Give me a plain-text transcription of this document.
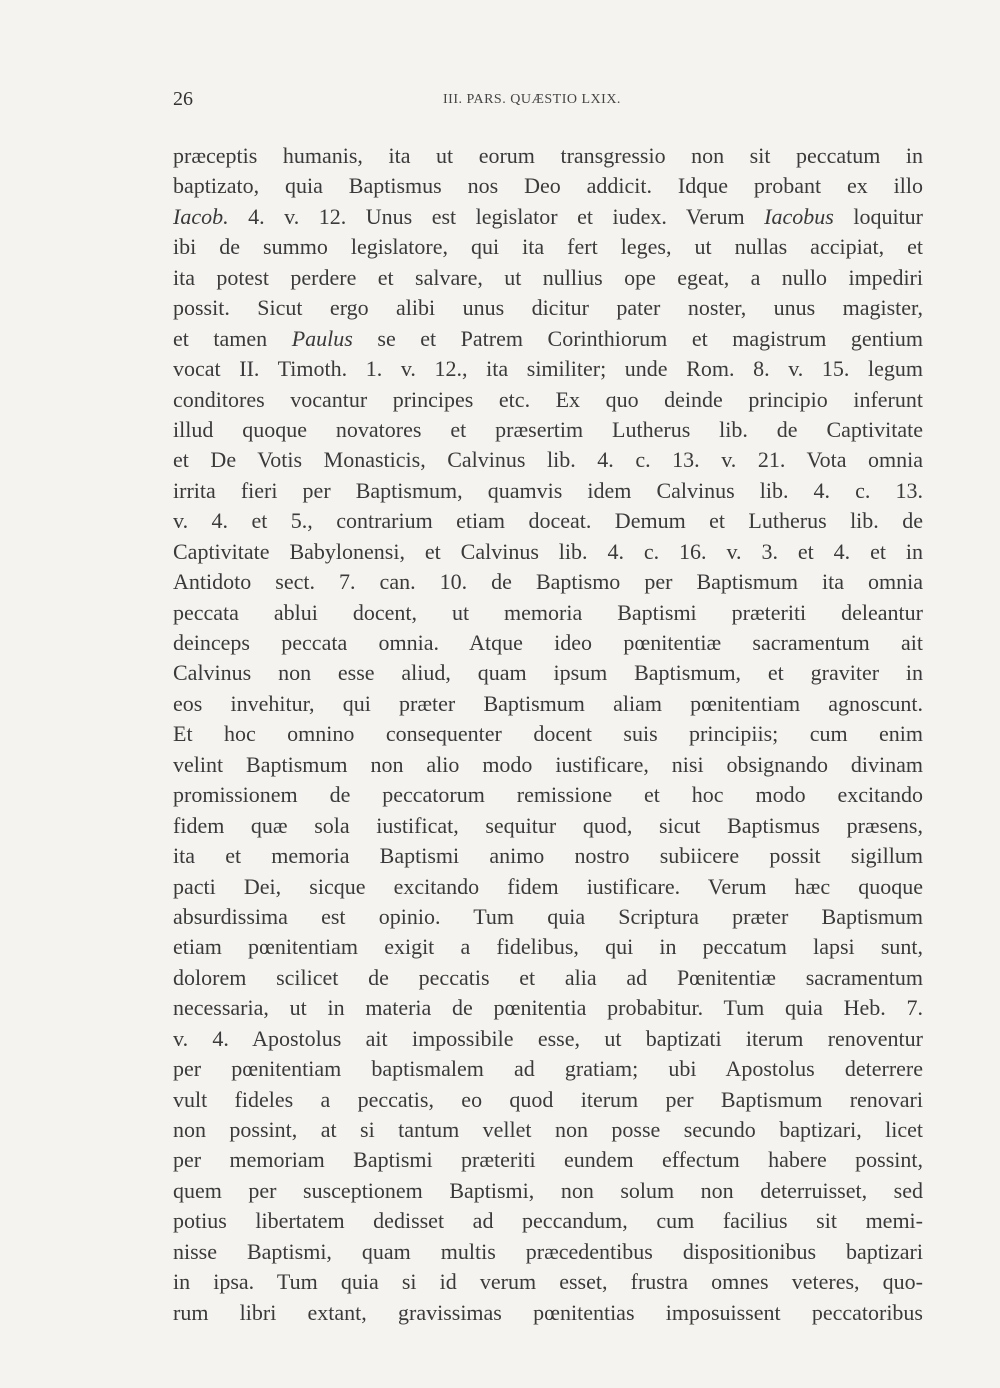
26	III. PARS. QUÆSTIO LXIX.
præceptis humanis, ita ut eorum transgressio non sit peccatum in
baptizato, quia Baptismus nos Deo addicit. Idque probant ex illo
Iacob. 4. v. 12. Unus est legislator et iudex. Verum Iacobus loquitur
ibi de summo legislatore, qui ita fert leges, ut nullas accipiat, et
ita potest perdere et salvare, ut nullius ope egeat, a nullo impediri
possit. Sicut ergo alibi unus dicitur pater noster, unus magister,
et tamen Paulus se et Patrem Corinthiorum et magistrum gentium
vocat II. Timoth. 1. v. 12., ita similiter; unde Rom. 8. v. 15. legum
conditores vocantur principes etc. Ex quo deinde principio inferunt
illud quoque novatores et præsertim Lutherus lib. de Captivitate
et De Votis Monasticis, Calvinus lib. 4. c. 13. v. 21. Vota omnia
irrita fieri per Baptismum, quamvis idem Calvinus lib. 4. c. 13.
v. 4. et 5., contrarium etiam doceat. Demum et Lutherus lib. de
Captivitate Babylonensi, et Calvinus lib. 4. c. 16. v. 3. et 4. et in
Antidoto sect. 7. can. 10. de Baptismo per Baptismum ita omnia
peccata ablui docent, ut memoria Baptismi præteriti deleantur
deinceps peccata omnia. Atque ideo pœnitentiæ sacramentum ait
Calvinus non esse aliud, quam ipsum Baptismum, et graviter in
eos invehitur, qui præter Baptismum aliam pœnitentiam agnoscunt.
Et hoc omnino consequenter docent suis principiis; cum enim
velint Baptismum non alio modo iustificare, nisi obsignando divinam
promissionem de peccatorum remissione et hoc modo excitando
fidem quæ sola iustificat, sequitur quod, sicut Baptismus præsens,
ita et memoria Baptismi animo nostro subiicere possit sigillum
pacti Dei, sicque excitando fidem iustificare. Verum hæc quoque
absurdissima est opinio. Tum quia Scriptura præter Baptismum
etiam pœnitentiam exigit a fidelibus, qui in peccatum lapsi sunt,
dolorem scilicet de peccatis et alia ad Pœnitentiæ sacramentum
necessaria, ut in materia de pœnitentia probabitur. Tum quia Heb. 7.
v. 4. Apostolus ait impossibile esse, ut baptizati iterum renoventur
per pœnitentiam baptismalem ad gratiam; ubi Apostolus deterrere
vult fideles a peccatis, eo quod iterum per Baptismum renovari
non possint, at si tantum vellet non posse secundo baptizari, licet
per memoriam Baptismi præteriti eundem effectum habere possint,
quem per susceptionem Baptismi, non solum non deterruisset, sed
potius libertatem dedisset ad peccandum, cum facilius sit memi-
nisse Baptismi, quam multis præcedentibus dispositionibus baptizari
in ipsa. Tum quia si id verum esset, frustra omnes veteres, quo-
rum libri extant, gravissimas pœnitentias imposuissent peccatoribus
